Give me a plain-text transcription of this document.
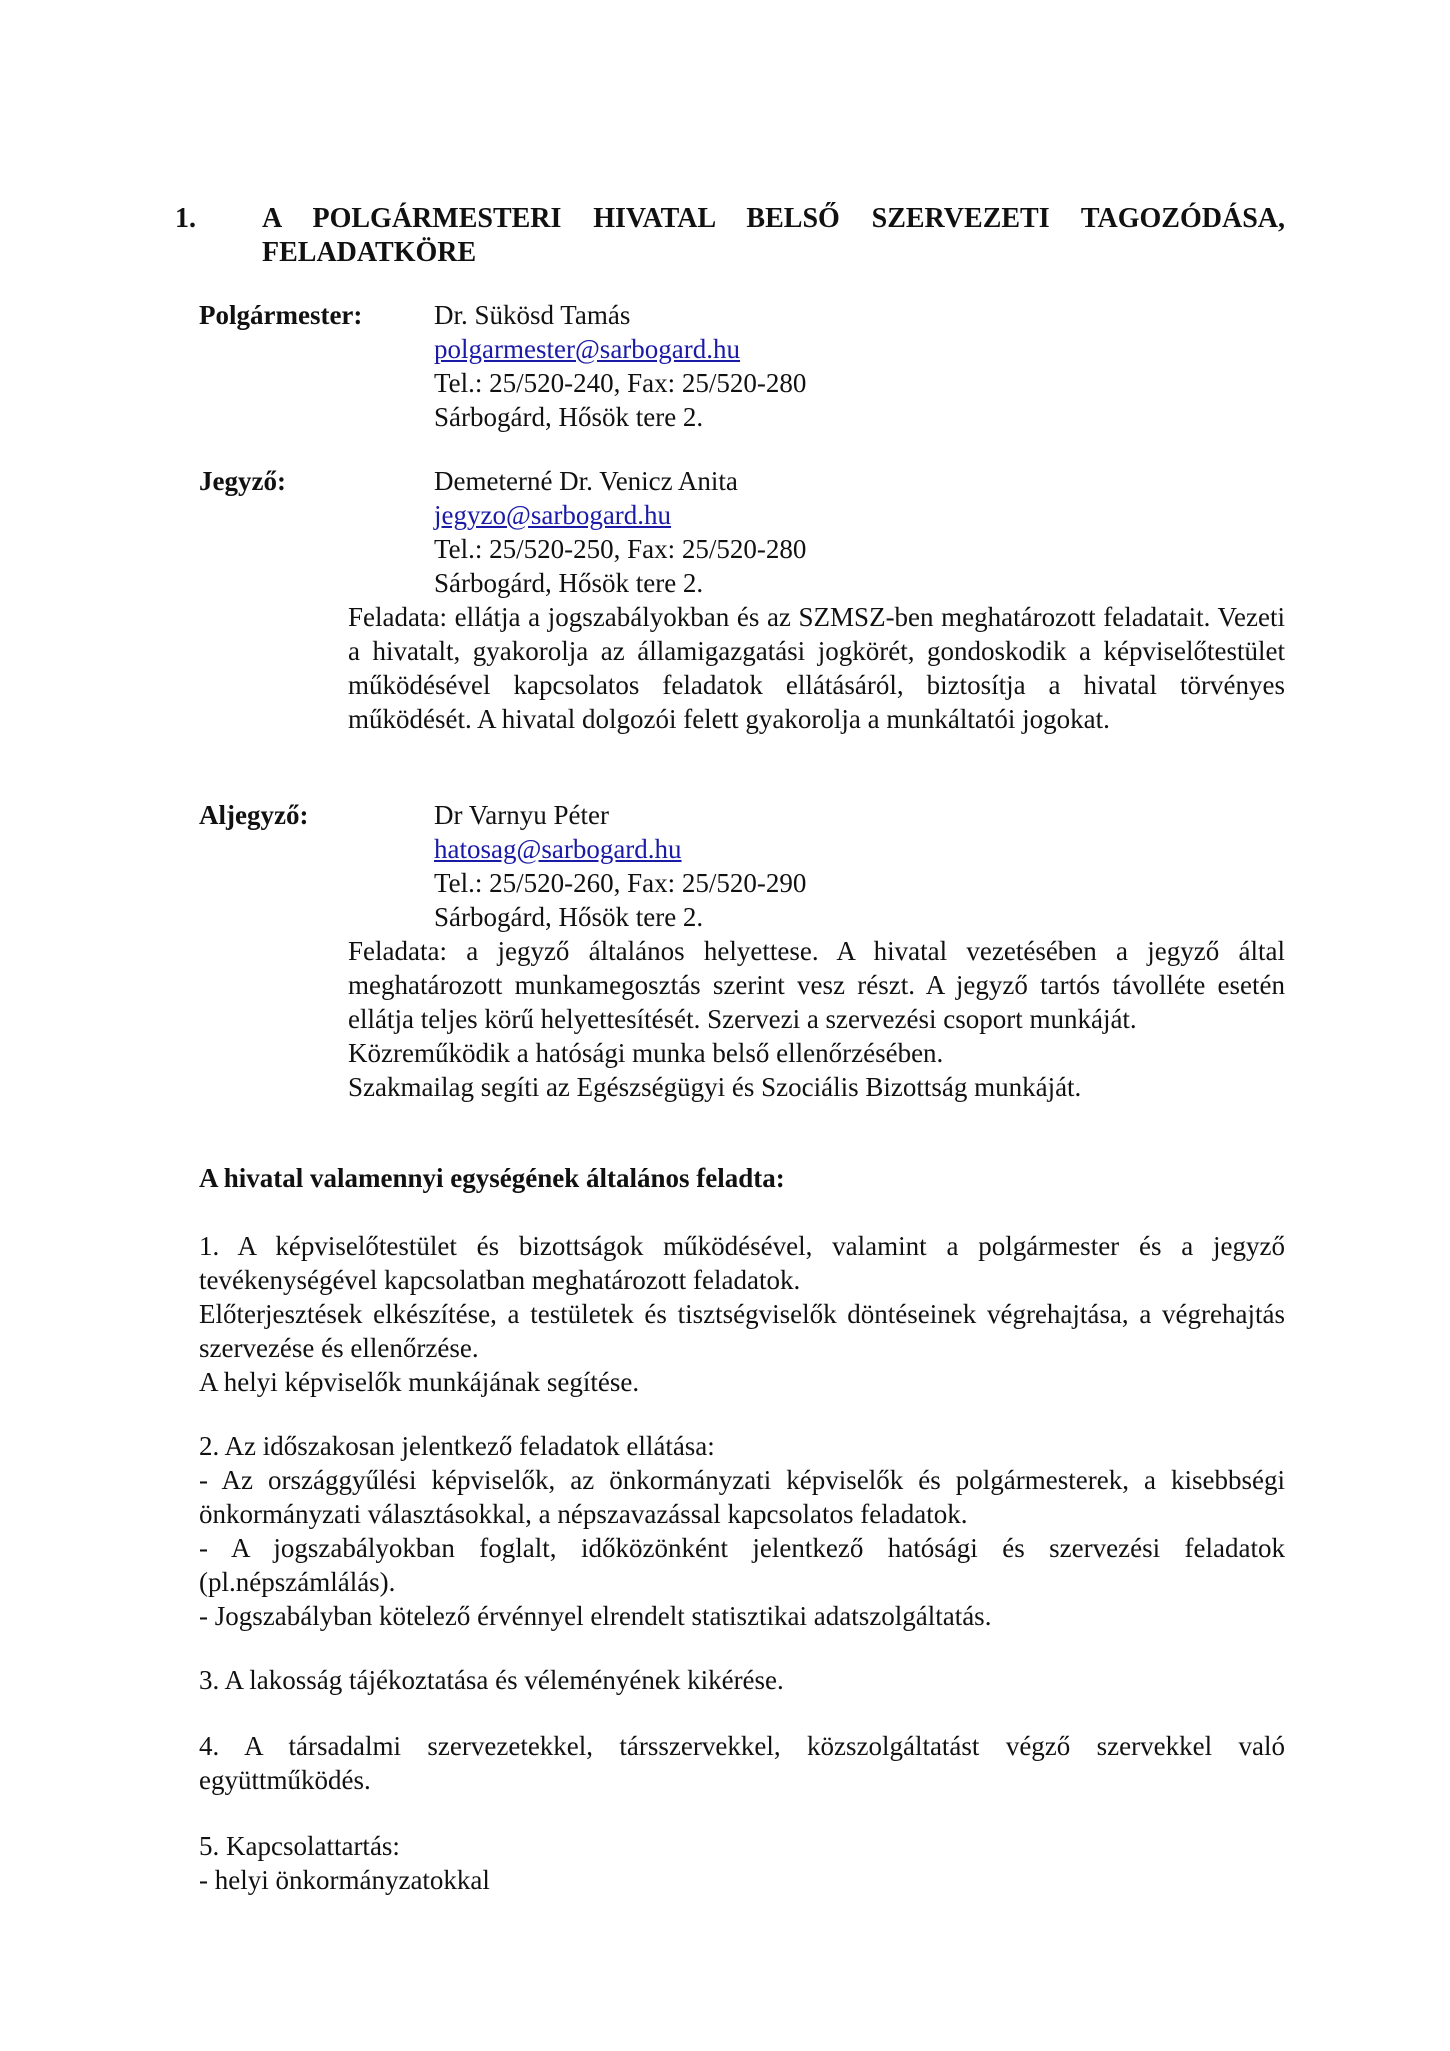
1. A POLGÁRMESTERI HIVATAL BELSŐ SZERVEZETI TAGOZÓDÁSA, FELADATKÖRE
Polgármester:	Dr. Sükösd Tamás
polgarmester@sarbogard.hu
Tel.: 25/520-240, Fax: 25/520-280
Sárbogárd, Hősök tere 2.
Jegyző:	Demeterné Dr. Venicz Anita
jegyzo@sarbogard.hu
Tel.: 25/520-250, Fax: 25/520-280
Sárbogárd, Hősök tere 2.

Feladata: ellátja a jogszabályokban és az SZMSZ-ben meghatározott feladatait. Vezeti a hivatalt, gyakorolja az államigazgatási jogkörét, gondoskodik a képviselőtestület működésével kapcsolatos feladatok ellátásáról, biztosítja a hivatal törvényes működését. A hivatal dolgozói felett gyakorolja a munkáltatói jogokat.

Aljegyző:	Dr Varnyu Péter
hatosag@sarbogard.hu
Tel.: 25/520-260, Fax: 25/520-290
Sárbogárd, Hősök tere 2.

Feladata: a jegyző általános helyettese. A hivatal vezetésében a jegyző által meghatározott munkamegosztás szerint vesz részt. A jegyző tartós távolléte esetén ellátja teljes körű helyettesítését. Szervezi a szervezési csoport munkáját.

Közreműködik a hatósági munka belső ellenőrzésében.

Szakmailag segíti az Egészségügyi és Szociális Bizottság munkáját.

A hivatal valamennyi egységének általános feladta:

1. A képviselőtestület és bizottságok működésével, valamint a polgármester és a jegyző tevékenységével kapcsolatban meghatározott feladatok.

Előterjesztések elkészítése, a testületek és tisztségviselők döntéseinek végrehajtása, a végrehajtás szervezése és ellenőrzése.

A helyi képviselők munkájának segítése.

2. Az időszakosan jelentkező feladatok ellátása:

- Az országgyűlési képviselők, az önkormányzati képviselők és polgármesterek, a kisebbségi önkormányzati választásokkal, a népszavazással kapcsolatos feladatok.

- A jogszabályokban foglalt, időközönként jelentkező hatósági és szervezési feladatok (pl.népszámlálás).

- Jogszabályban kötelező érvénnyel elrendelt statisztikai adatszolgáltatás.

3. A lakosság tájékoztatása és véleményének kikérése.

4. A társadalmi szervezetekkel, társszervekkel, közszolgáltatást végző szervekkel való együttműködés.

5. Kapcsolattartás:

- helyi önkormányzatokkal
